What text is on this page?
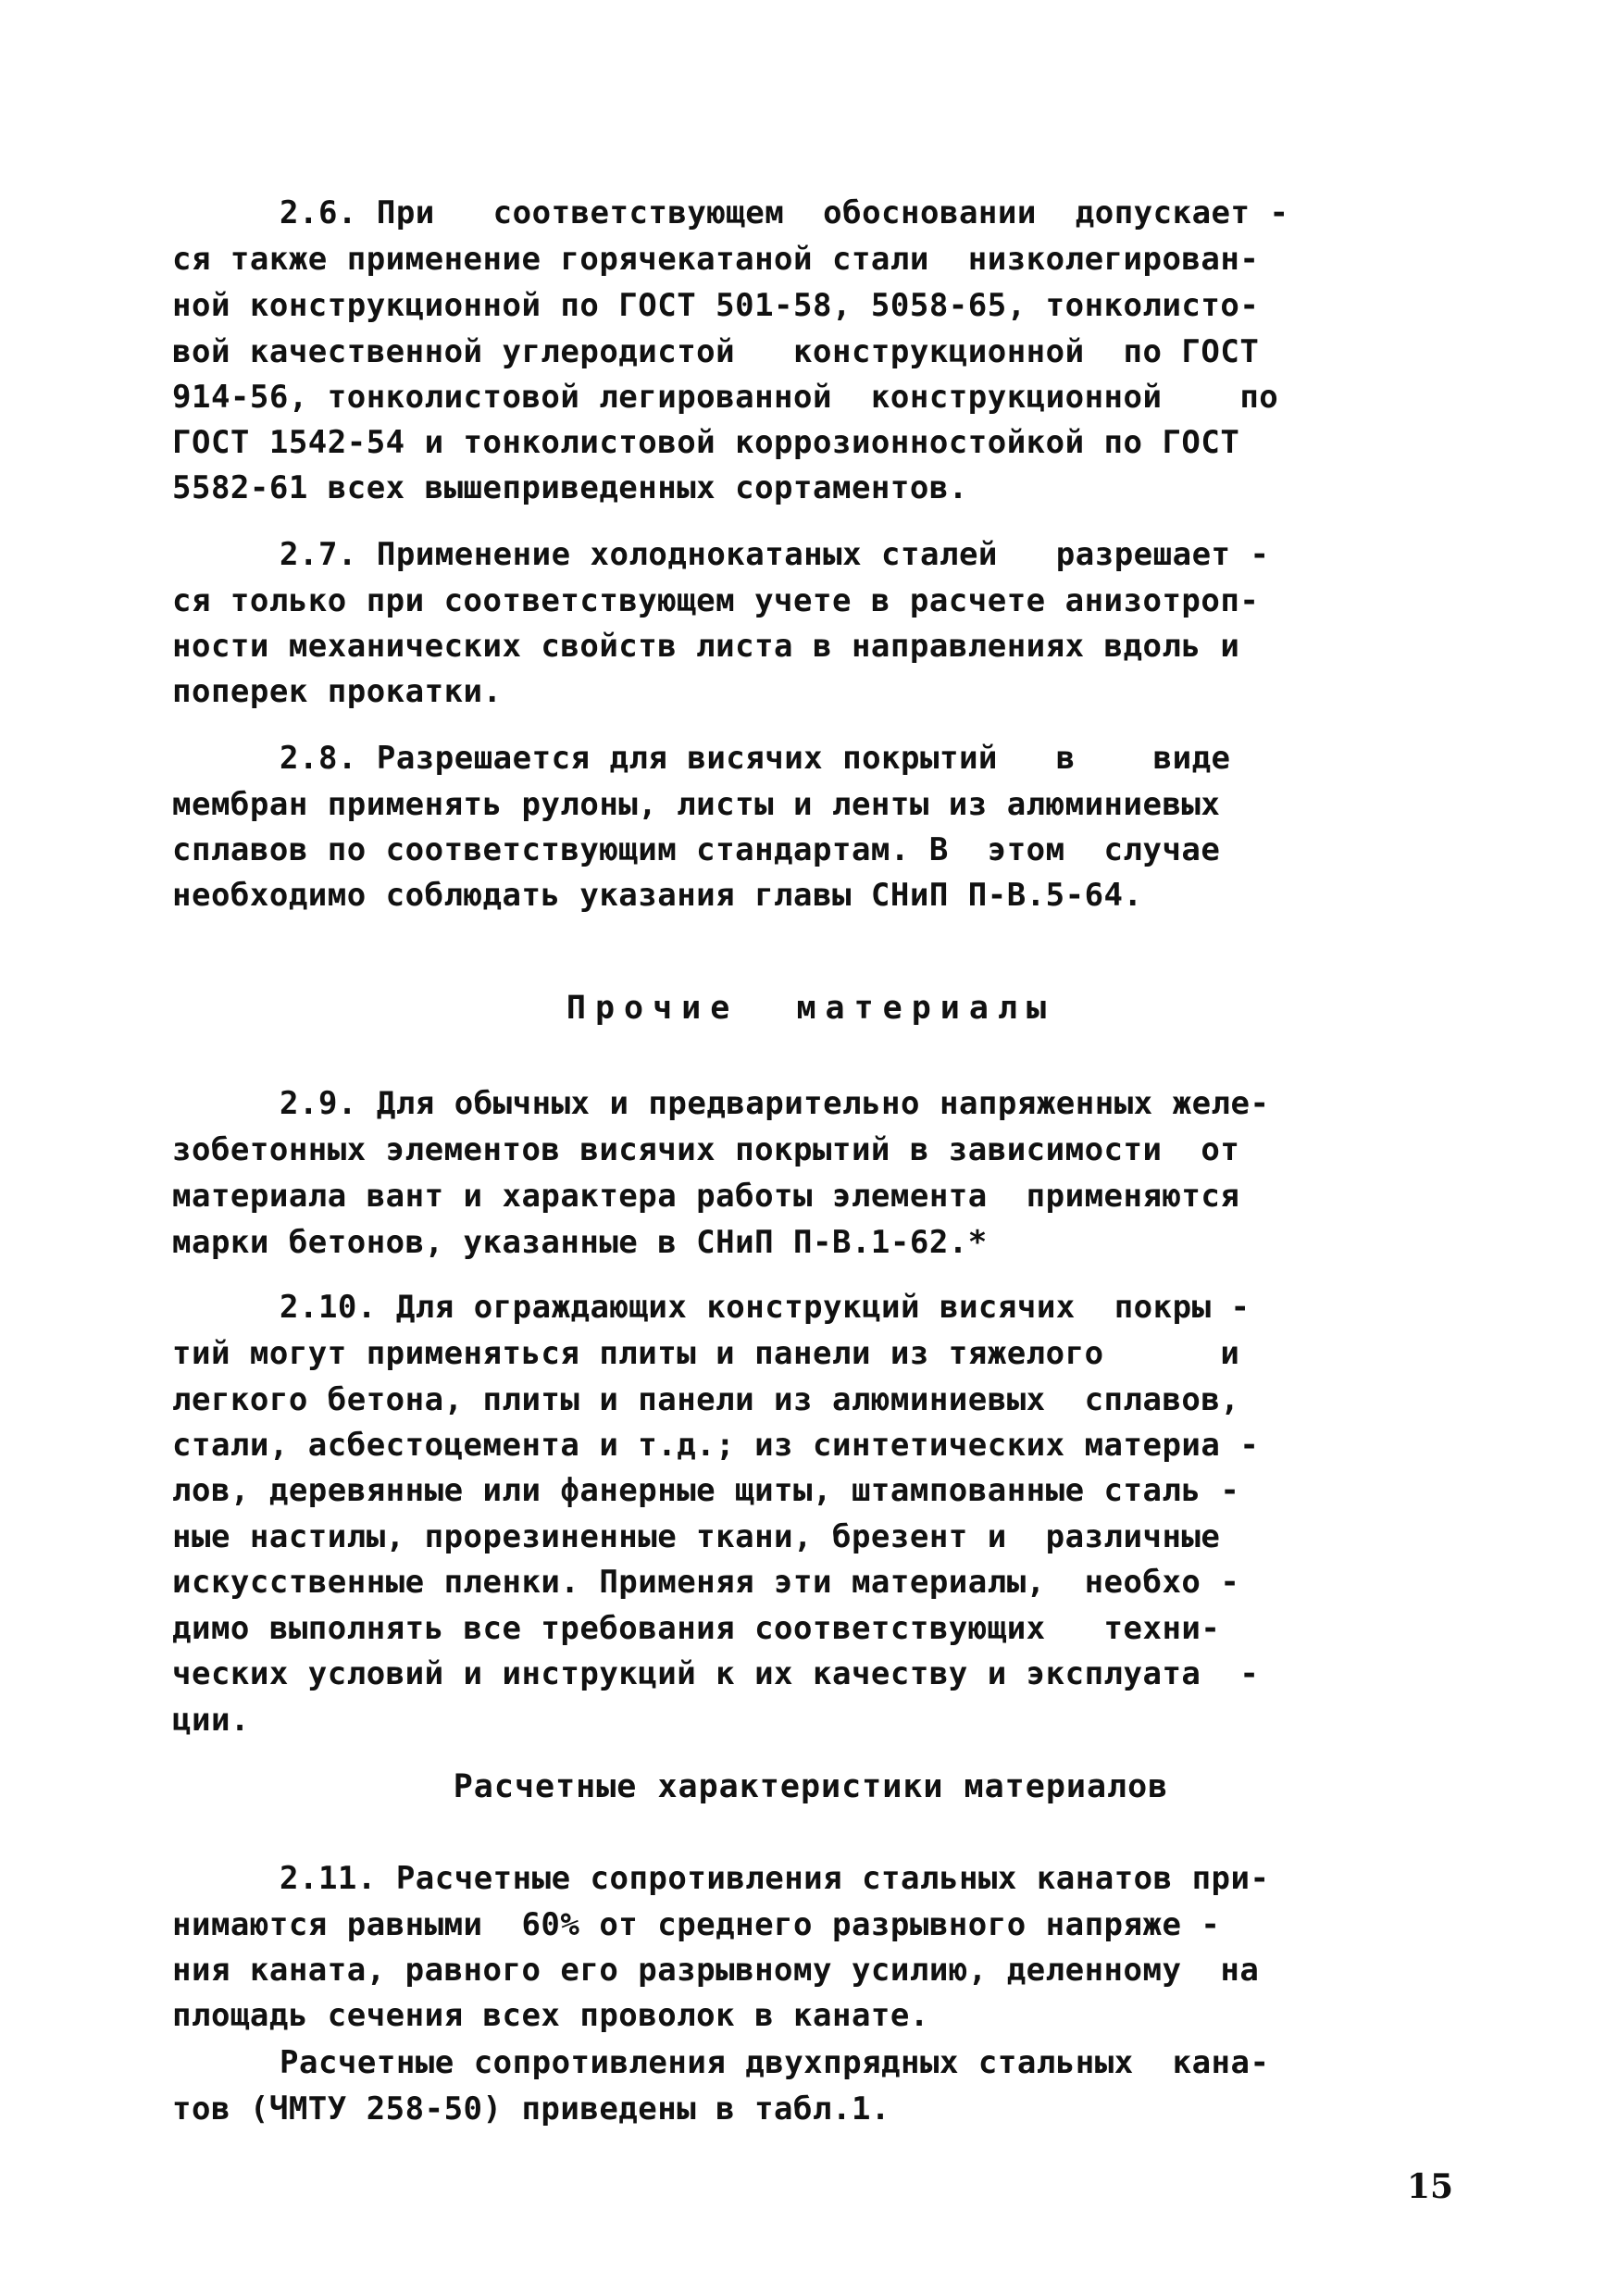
2.6. При   соответствующем  обосновании  допускает -
ся также применение горячекатаной стали  низколегирован-
ной конструкционной по ГОСТ 501-58, 5058-65, тонколисто-
вой качественной углеродистой   конструкционной  по ГОСТ
914-56, тонколистовой легированной  конструкционной    по
ГОСТ 1542-54 и тонколистовой коррозионностойкой по ГОСТ
5582-61 всех вышеприведенных сортаментов.
2.7. Применение холоднокатаных сталей   разрешает -
ся только при соответствующем учете в расчете анизотроп-
ности механических свойств листа в направлениях вдоль и
поперек прокатки.
2.8. Разрешается для висячих покрытий   в    виде
мембран применять рулоны, листы и ленты из алюминиевых
сплавов по соответствующим стандартам. В  этом  случае
необходимо соблюдать указания главы СНиП П-В.5-64.
Прочие  материалы
2.9. Для обычных и предварительно напряженных желе-
зобетонных элементов висячих покрытий в зависимости  от
материала вант и характера работы элемента  применяются
марки бетонов, указанные в СНиП П-В.1-62.*
2.10. Для ограждающих конструкций висячих  покры -
тий могут применяться плиты и панели из тяжелого      и
легкого бетона, плиты и панели из алюминиевых  сплавов,
стали, асбестоцемента и т.д.; из синтетических материа -
лов, деревянные или фанерные щиты, штампованные сталь -
ные настилы, прорезиненные ткани, брезент и  различные
искусственные пленки. Применяя эти материалы,  необхо -
димо выполнять все требования соответствующих   техни-
ческих условий и инструкций к их качеству и эксплуата  -
ции.
Расчетные характеристики материалов
2.11. Расчетные сопротивления стальных канатов при-
нимаются равными  60% от среднего разрывного напряже -
ния каната, равного его разрывному усилию, деленному  на
площадь сечения всех проволок в канате.
Расчетные сопротивления двухпрядных стальных  кана-
тов (ЧМТУ 258-50) приведены в табл.1.
15
